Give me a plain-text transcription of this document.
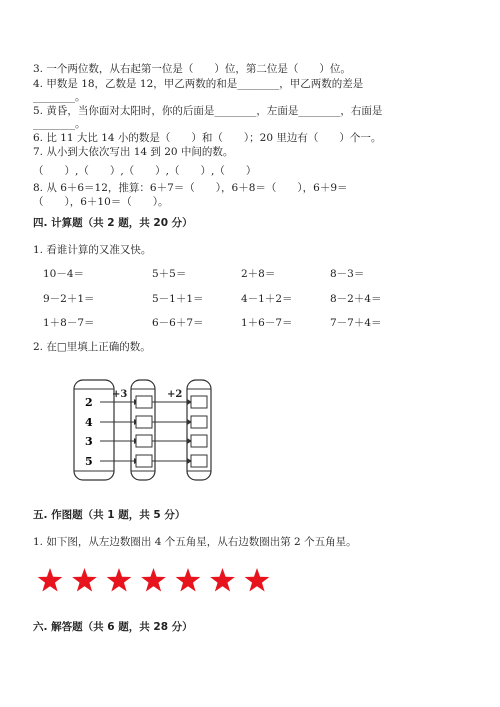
3. 一个两位数，从右起第一位是（　　）位，第二位是（　　）位。
4. 甲数是 18，乙数是 12，甲乙两数的和是________，甲乙两数的差是
________。
5. 黄昏，当你面对太阳时，你的后面是________，左面是________，右面是
________。
6. 比 11 大比 14 小的数是（　　）和（　　）；20 里边有（　　）个一。
7. 从小到大依次写出 14 到 20 中间的数。
（　　）,（　　）,（　　）,（　　）,（　　）
8. 从 6＋6＝12，推算：6＋7＝（　　），6＋8＝（　　），6＋9＝
（　　），6＋10＝（　　）。
四. 计算题（共 2 题，共 20 分）
1. 看谁计算的又准又快。
10－4＝	5＋5＝	2＋8＝	8－3＝
9－2＋1＝	5－1＋1＝	4－1＋2＝	8－2＋4＝
1＋8－7＝	6－6＋7＝	1＋6－7＝	7－7＋4＝
2. 在□里填上正确的数。
+3	+2
2
4
3
5
五. 作图题（共 1 题，共 5 分）
1. 如下图，从左边数圈出 4 个五角星，从右边数圈出第 2 个五角星。
六. 解答题（共 6 题，共 28 分）
